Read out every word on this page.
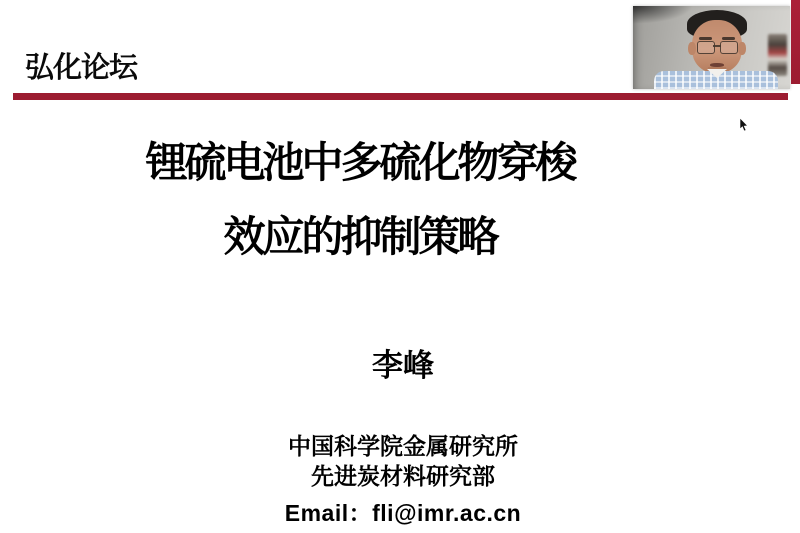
弘化论坛
锂硫电池中多硫化物穿梭
效应的抑制策略
李峰
中国科学院金属研究所
先进炭材料研究部
Email：fli@imr.ac.cn
